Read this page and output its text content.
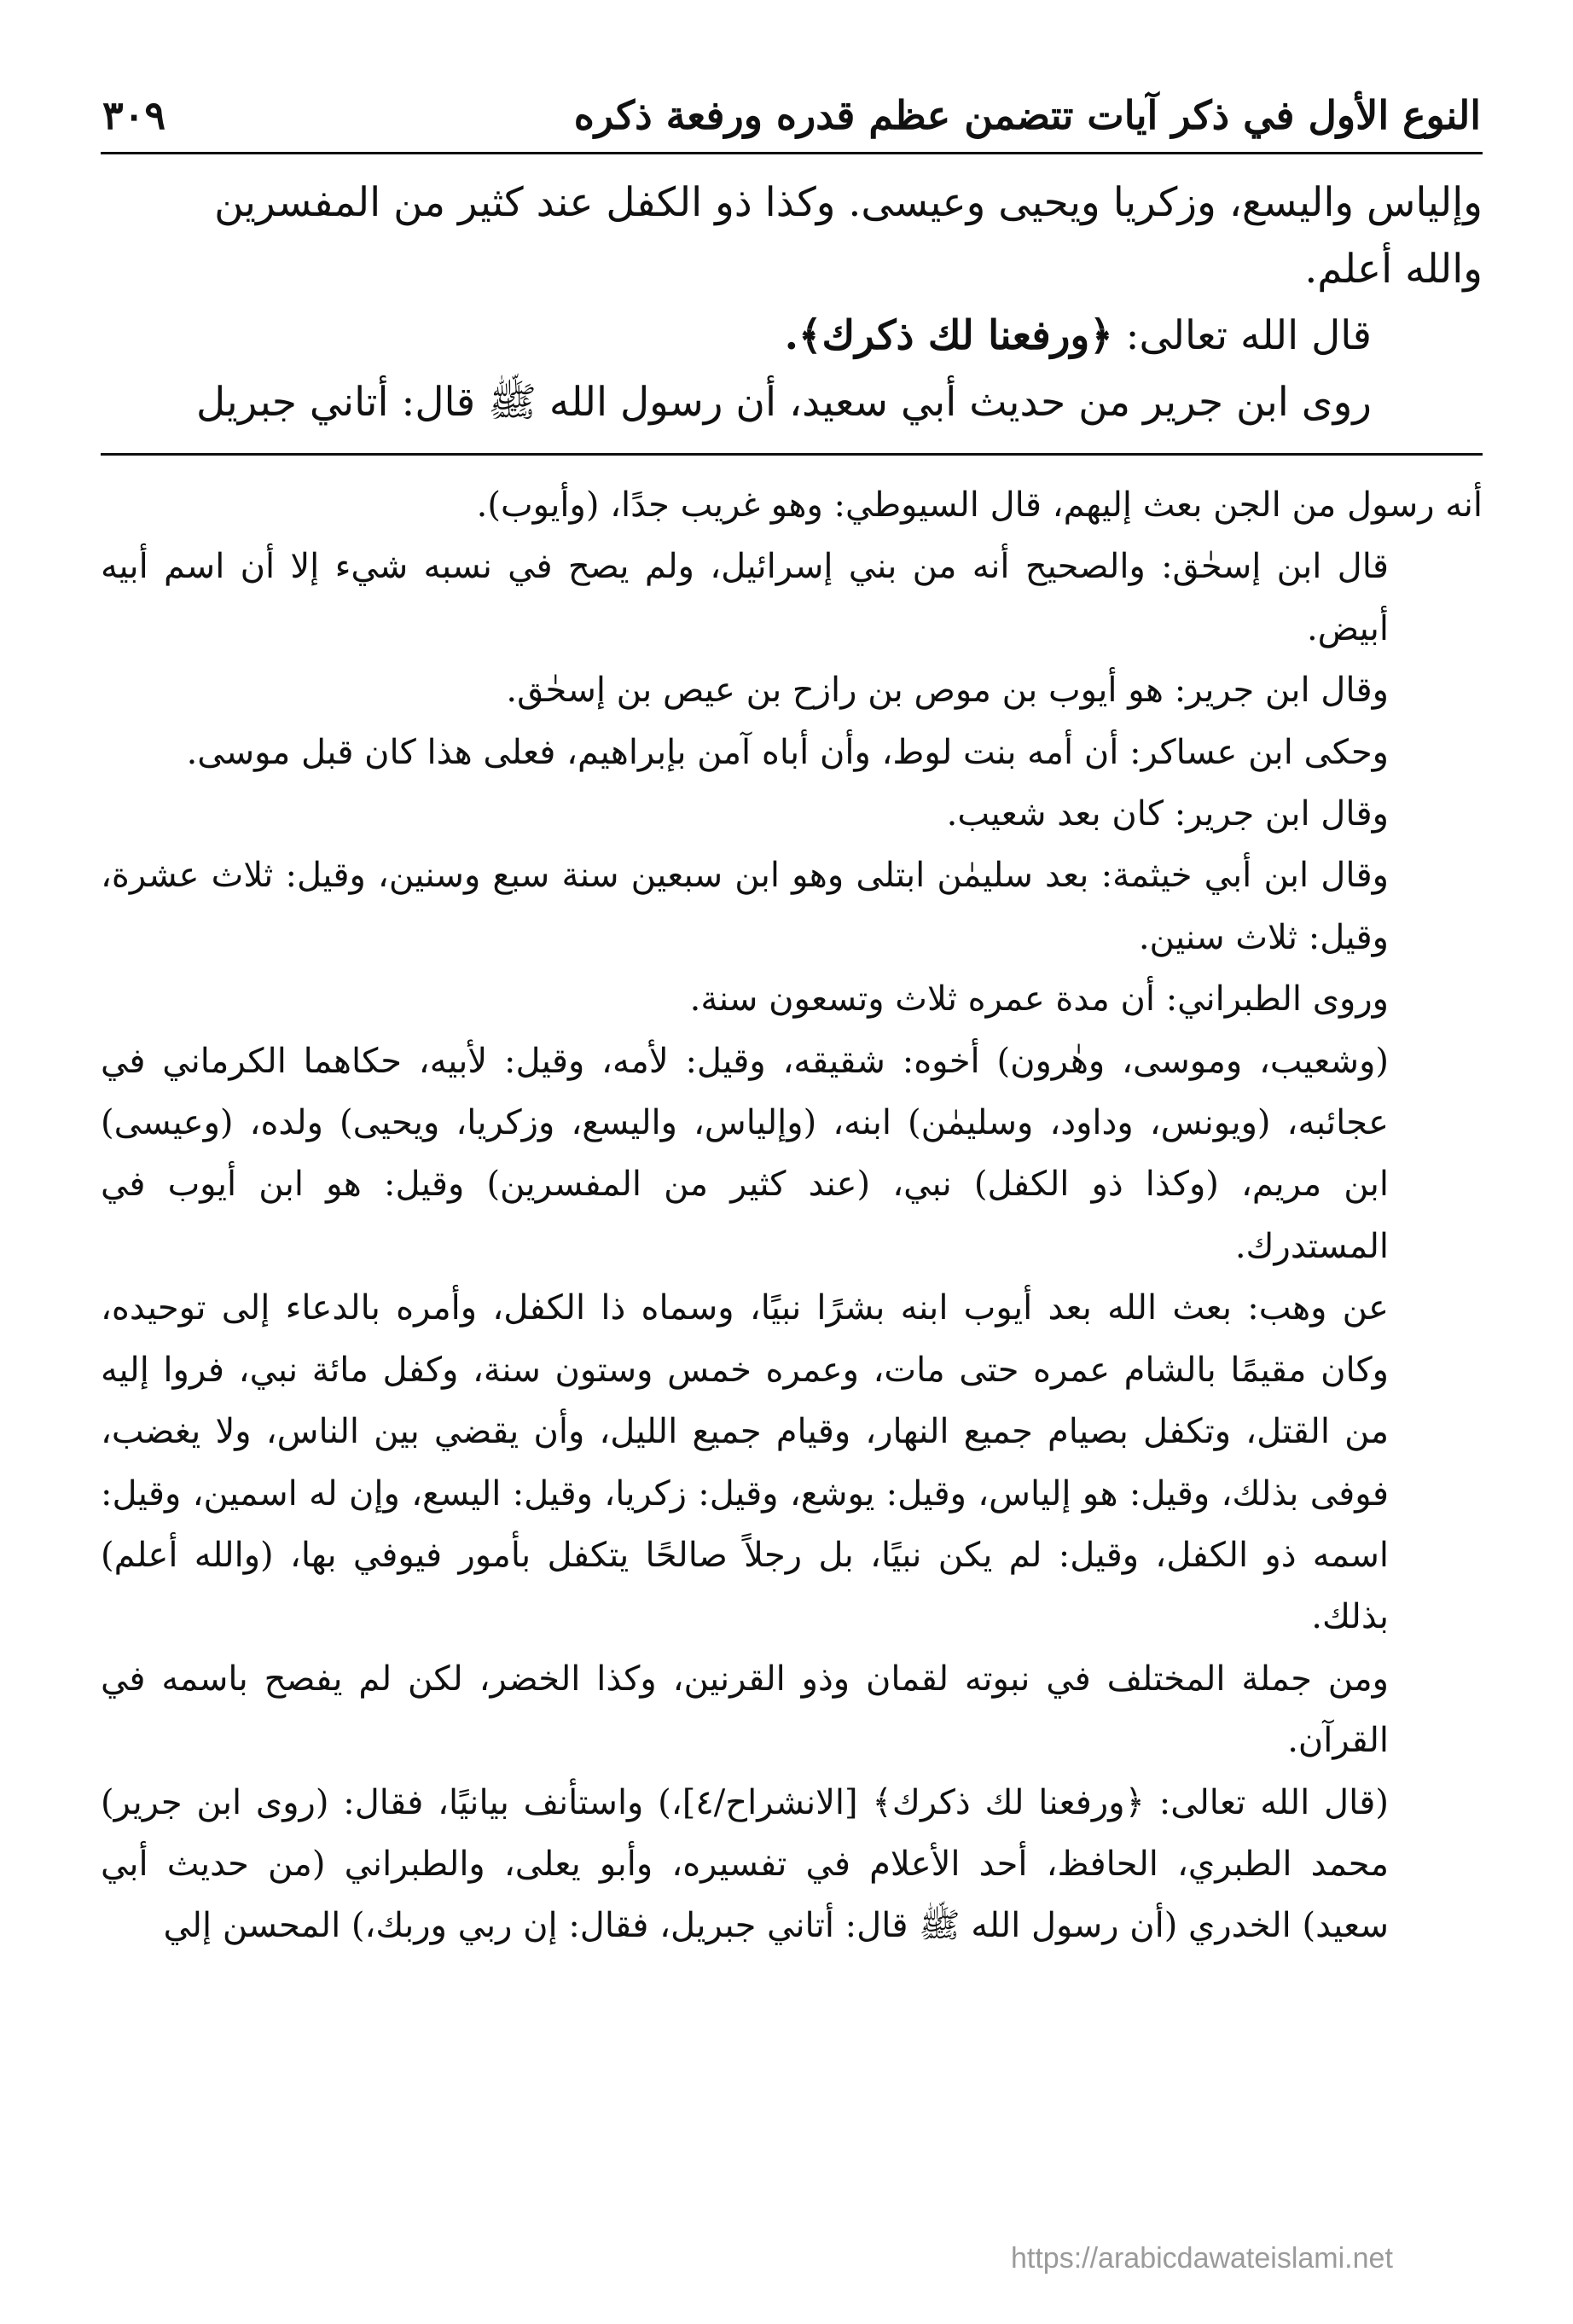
النوع الأول في ذكر آيات تتضمن عظم قدره ورفعة ذكره
٣٠٩

وإلياس واليسع، وزكريا ويحيى وعيسى. وكذا ذو الكفل عند كثير من المفسرين

والله أعلم.

قال الله تعالى: ﴿ورفعنا لك ذكرك﴾.

روى ابن جرير من حديث أبي سعيد، أن رسول الله ﷺ قال: أتاني جبريل

أنه رسول من الجن بعث إليهم، قال السيوطي: وهو غريب جدًا، (وأيوب).

قال ابن إسحٰق: والصحيح أنه من بني إسرائيل، ولم يصح في نسبه شيء إلا أن اسم أبيه أبيض.

وقال ابن جرير: هو أيوب بن موص بن رازح بن عيص بن إسحٰق.

وحكى ابن عساكر: أن أمه بنت لوط، وأن أباه آمن بإبراهيم، فعلى هذا كان قبل موسى.

وقال ابن جرير: كان بعد شعيب.

وقال ابن أبي خيثمة: بعد سليمٰن ابتلى وهو ابن سبعين سنة سبع وسنين، وقيل: ثلاث عشرة، وقيل: ثلاث سنين.

وروى الطبراني: أن مدة عمره ثلاث وتسعون سنة.

(وشعيب، وموسى، وهٰرون) أخوه: شقيقه، وقيل: لأمه، وقيل: لأبيه، حكاهما الكرماني في عجائبه، (ويونس، وداود، وسليمٰن) ابنه، (وإلياس، واليسع، وزكريا، ويحيى) ولده، (وعيسى) ابن مريم، (وكذا ذو الكفل) نبي، (عند كثير من المفسرين) وقيل: هو ابن أيوب في المستدرك.

عن وهب: بعث الله بعد أيوب ابنه بشرًا نبيًا، وسماه ذا الكفل، وأمره بالدعاء إلى توحيده، وكان مقيمًا بالشام عمره حتى مات، وعمره خمس وستون سنة، وكفل مائة نبي، فروا إليه من القتل، وتكفل بصيام جميع النهار، وقيام جميع الليل، وأن يقضي بين الناس، ولا يغضب، فوفى بذلك، وقيل: هو إلياس، وقيل: يوشع، وقيل: زكريا، وقيل: اليسع، وإن له اسمين، وقيل: اسمه ذو الكفل، وقيل: لم يكن نبيًا، بل رجلاً صالحًا يتكفل بأمور فيوفي بها، (والله أعلم) بذلك.

ومن جملة المختلف في نبوته لقمان وذو القرنين، وكذا الخضر، لكن لم يفصح باسمه في القرآن.

(قال الله تعالى: ﴿ورفعنا لك ذكرك﴾ [الانشراح/٤]،) واستأنف بيانيًا، فقال: (روى ابن جرير) محمد الطبري، الحافظ، أحد الأعلام في تفسيره، وأبو يعلى، والطبراني (من حديث أبي سعيد) الخدري (أن رسول الله ﷺ قال: أتاني جبريل، فقال: إن ربي وربك،) المحسن إلي

https://arabicdawateislami.net
